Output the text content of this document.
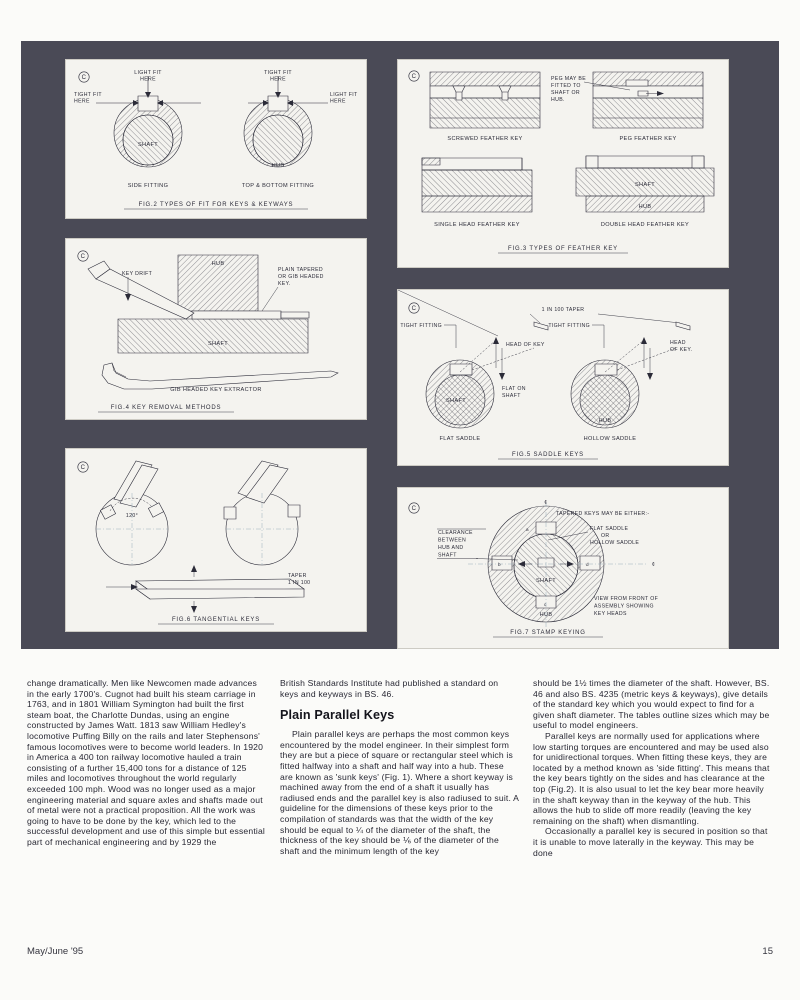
C
LIGHT FIT
HERE
TIGHT FIT
HERE
SHAFT
SIDE FITTING
TIGHT FIT
HERE
LIGHT FIT
HERE
HUB
TOP & BOTTOM FITTING
FIG.2 TYPES OF FIT FOR KEYS & KEYWAYS
C
SCREWED FEATHER KEY
PEG MAY BE
FITTED TO
SHAFT OR
HUB.
PEG FEATHER KEY
SINGLE HEAD FEATHER KEY
SHAFT
HUB
DOUBLE HEAD FEATHER KEY
FIG.3 TYPES OF FEATHER KEY
C
HUB
SHAFT
KEY DRIFT
PLAIN TAPERED
OR GIB HEADED
KEY.
GIB HEADED KEY EXTRACTOR
FIG.4 KEY REMOVAL METHODS
C	1 IN 100 TAPER
TIGHT FITTING
HEAD OF KEY
FLAT ON
SHAFT
SHAFT
FLAT SADDLE
TIGHT FITTING
HEAD
OF KEY.
HUB
HOLLOW SADDLE
FIG.5 SADDLE KEYS
C
120°
TAPER
1 IN 100
FIG.6 TANGENTIAL KEYS
C
¢
¢
a
b
c
d
SHAFT
HUB
TAPERED KEYS MAY BE EITHER:-
FLAT SADDLE
OR
HOLLOW SADDLE
VIEW FROM FRONT OF
ASSEMBLY SHOWING
KEY HEADS
CLEARANCE
BETWEEN
HUB AND
SHAFT
FIG.7 STAMP KEYING

change dramatically. Men like Newcomen made advances in the early 1700's. Cugnot had built his steam carriage in 1763, and in 1801 William Symington had built the first steam boat, the Charlotte Dundas, using an engine constructed by James Watt. 1813 saw William Hedley's locomotive Puffing Billy on the rails and later Stephensons' famous locomotives were to become world leaders. In 1920 in America a 400 ton railway locomotive hauled a train consisting of a further 15,400 tons for a distance of 125 miles and locomotives throughout the world regularly exceeded 100 mph. Wood was no longer used as a major engineering material and square axles and shafts made out of metal were not a practical proposition. All the work was going to have to be done by the key, which led to the successful development and use of this simple but essential part of mechanical engineering and by 1929 the

British Standards Institute had published a standard on keys and keyways in BS. 46.

Plain Parallel Keys

Plain parallel keys are perhaps the most common keys encountered by the model engineer. In their simplest form they are but a piece of square or rectangular steel which is fitted halfway into a shaft and half way into a hub. These are known as 'sunk keys' (Fig. 1). Where a short keyway is machined away from the end of a shaft it usually has radiused ends and the parallel key is also radiused to suit. A guideline for the dimensions of these keys prior to the compilation of standards was that the width of the key should be equal to ¼ of the diameter of the shaft, the thickness of the key should be ⅙ of the diameter of the shaft and the minimum length of the key

should be 1½ times the diameter of the shaft. However, BS. 46 and also BS. 4235 (metric keys & keyways), give details of the standard key which you would expect to find for a given shaft diameter. The tables outline sizes which may be useful to model engineers.

Parallel keys are normally used for applications where low starting torques are encountered and may be used also for unidirectional torques. When fitting these keys, they are located by a method known as 'side fitting'. This means that the key bears tightly on the sides and has clearance at the top (Fig.2). It is also usual to let the key bear more heavily in the shaft keyway than in the keyway of the hub. This allows the hub to slide off more readily (leaving the key remaining on the shaft) when dismantling.

Occasionally a parallel key is secured in position so that it is unable to move laterally in the keyway. This may be done

May/June '95	15
